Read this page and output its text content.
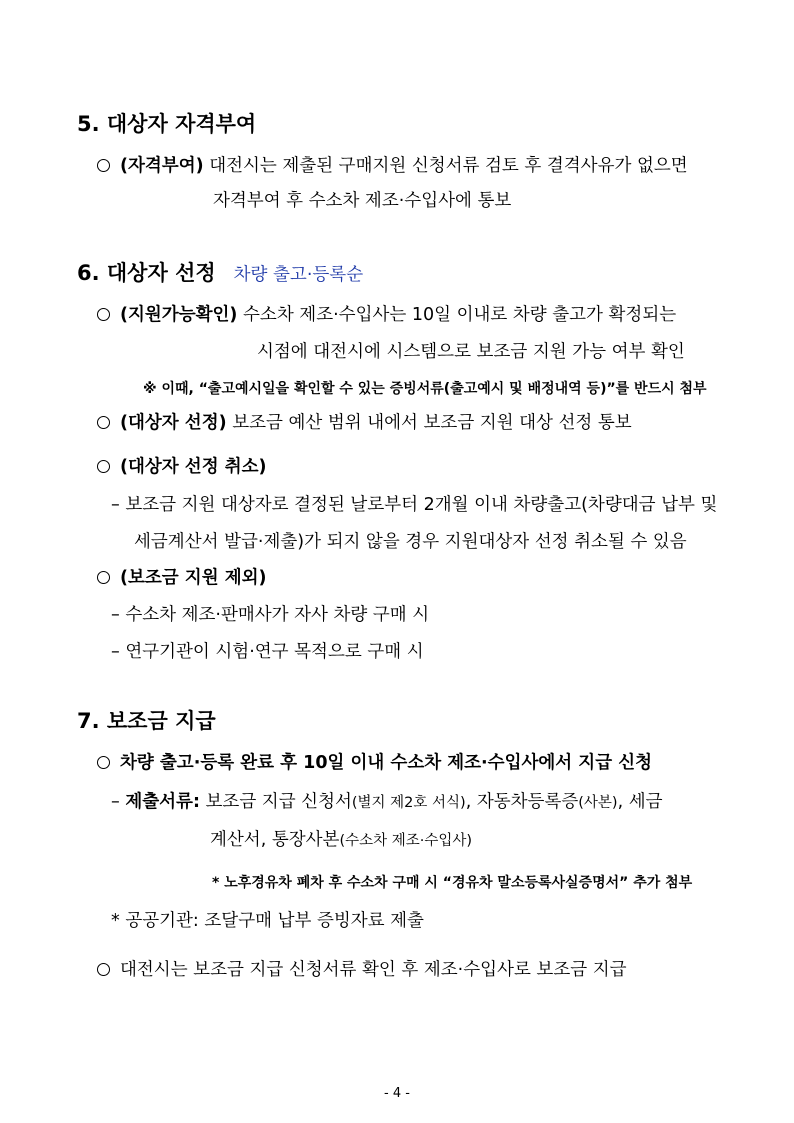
5. 대상자 자격부여
(자격부여) 대전시는 제출된 구매지원 신청서류 검토 후 결격사유가 없으면
자격부여 후 수소차 제조·수입사에 통보
6. 대상자 선정 차량 출고·등록순
(지원가능확인) 수소차 제조·수입사는 10일 이내로 차량 출고가 확정되는
시점에 대전시에 시스템으로 보조금 지원 가능 여부 확인
※ 이때, “출고예시일을 확인할 수 있는 증빙서류(출고예시 및 배정내역 등)”를 반드시 첨부
(대상자 선정) 보조금 예산 범위 내에서 보조금 지원 대상 선정 통보
(대상자 선정 취소)
– 보조금 지원 대상자로 결정된 날로부터 2개월 이내 차량출고(차량대금 납부 및
세금계산서 발급·제출)가 되지 않을 경우 지원대상자 선정 취소될 수 있음
(보조금 지원 제외)
– 수소차 제조·판매사가 자사 차량 구매 시
– 연구기관이 시험·연구 목적으로 구매 시
7. 보조금 지급
차량 출고·등록 완료 후 10일 이내 수소차 제조·수입사에서 지급 신청
– 제출서류: 보조금 지급 신청서(별지 제2호 서식), 자동차등록증(사본), 세금
계산서, 통장사본(수소차 제조·수입사)
* 노후경유차 폐차 후 수소차 구매 시 “경유차 말소등록사실증명서” 추가 첨부
* 공공기관: 조달구매 납부 증빙자료 제출
대전시는 보조금 지급 신청서류 확인 후 제조·수입사로 보조금 지급
- 4 -
